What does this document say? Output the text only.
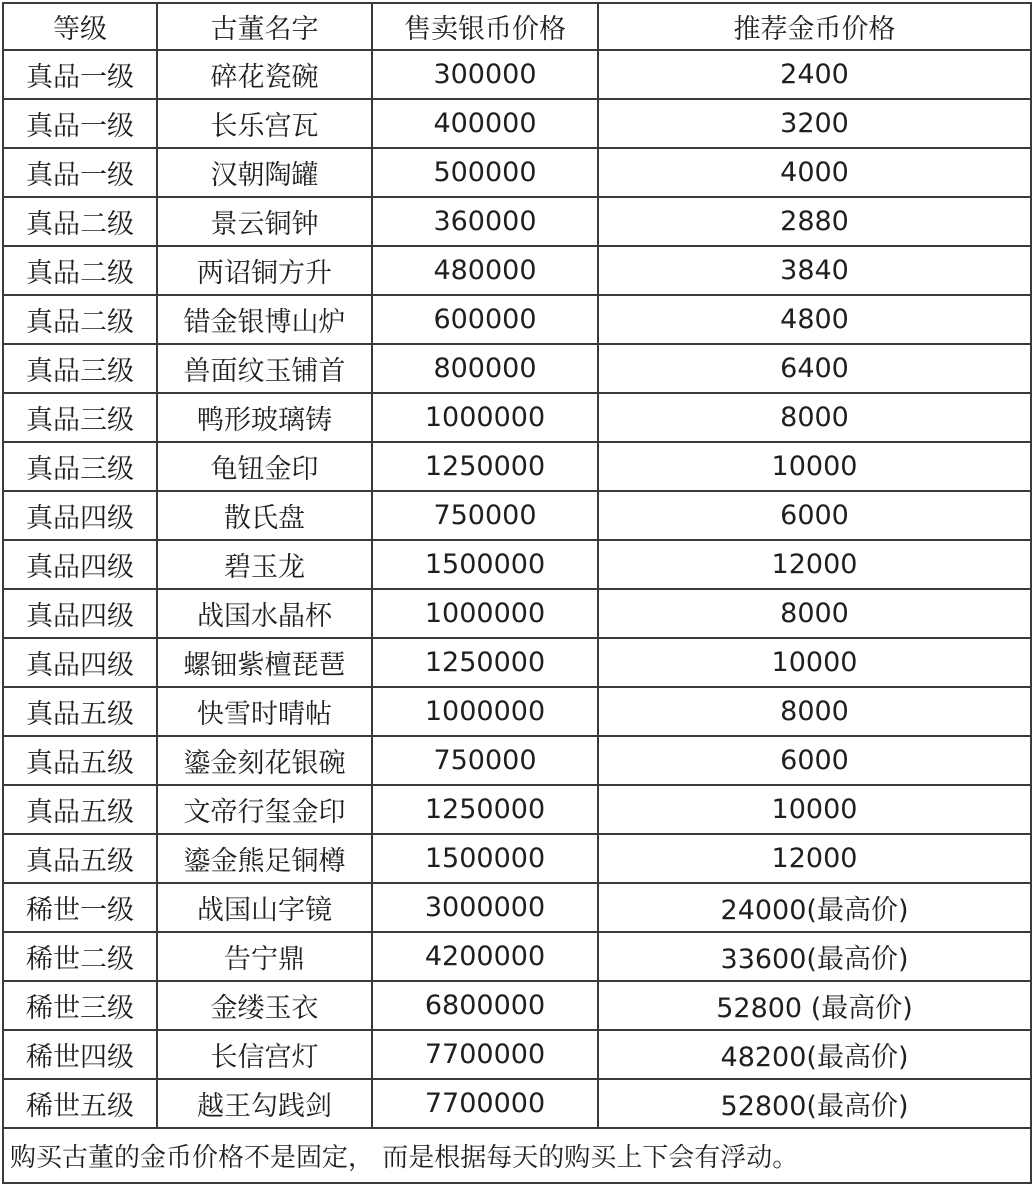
等级	古董名字	售卖银币价格	推荐金币价格
真品一级	碎花瓷碗	300000	2400
真品一级	长乐宫瓦	400000	3200
真品一级	汉朝陶罐	500000	4000
真品二级	景云铜钟	360000	2880
真品二级	两诏铜方升	480000	3840
真品二级	错金银博山炉	600000	4800
真品三级	兽面纹玉铺首	800000	6400
真品三级	鸭形玻璃铸	1000000	8000
真品三级	龟钮金印	1250000	10000
真品四级	散氏盘	750000	6000
真品四级	碧玉龙	1500000	12000
真品四级	战国水晶杯	1000000	8000
真品四级	螺钿紫檀琵琶	1250000	10000
真品五级	快雪时晴帖	1000000	8000
真品五级	鎏金刻花银碗	750000	6000
真品五级	文帝行玺金印	1250000	10000
真品五级	鎏金熊足铜樽	1500000	12000
稀世一级	战国山字镜	3000000	24000(最高价)
稀世二级	告宁鼎	4200000	33600(最高价)
稀世三级	金缕玉衣	6800000	52800 (最高价)
稀世四级	长信宫灯	7700000	48200(最高价)
稀世五级	越王勾践剑	7700000	52800(最高价)
购买古董的金币价格不是固定， 而是根据每天的购买上下会有浮动。			
